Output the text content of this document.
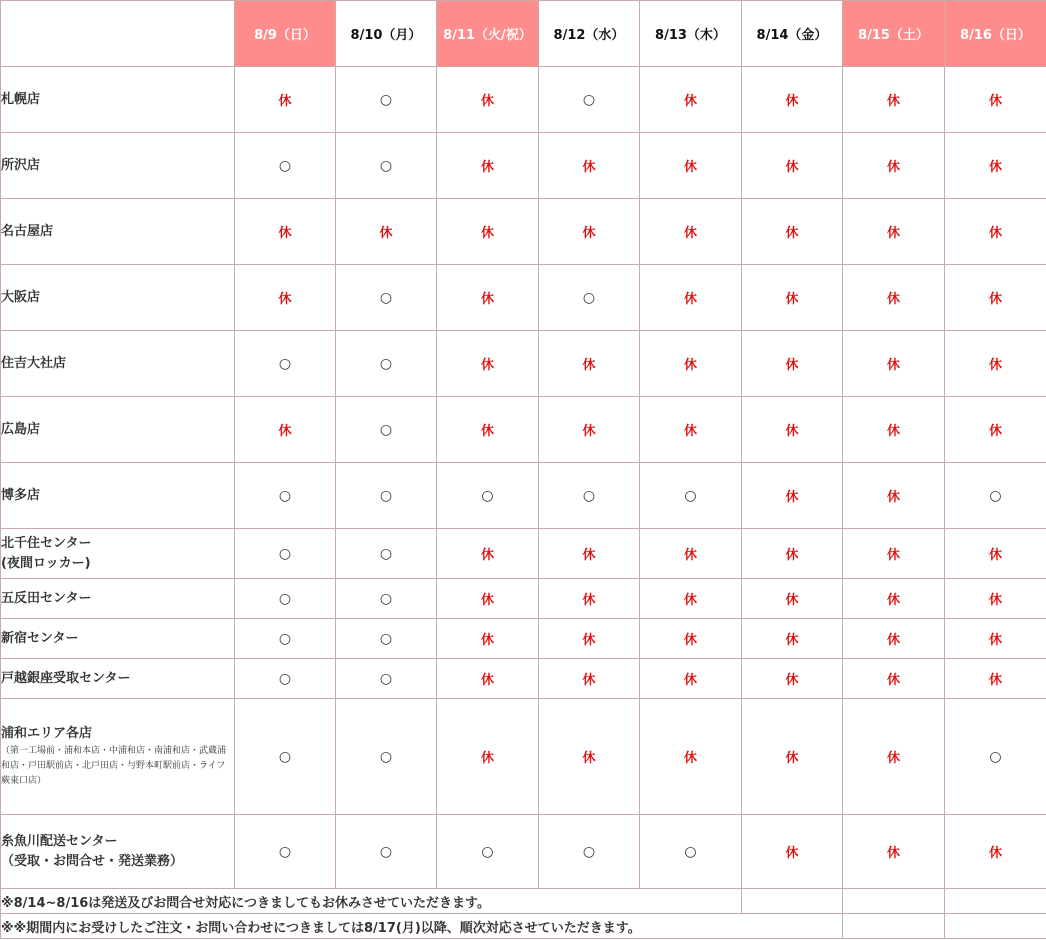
	8/9（日）	8/10（月）	8/11（火/祝）	8/12（水）	8/13（木）	8/14（金）	8/15（土）	8/16（日）

札幌店	休	○	休	○	休	休	休	休

所沢店	○	○	休	休	休	休	休	休

名古屋店	休	休	休	休	休	休	休	休

大阪店	休	○	休	○	休	休	休	休

住吉大社店	○	○	休	休	休	休	休	休

広島店	休	○	休	休	休	休	休	休

博多店	○	○	○	○	○	休	休	○

北千住センター
(夜間ロッカー)	○	○	休	休	休	休	休	休

五反田センター	○	○	休	休	休	休	休	休

新宿センター	○	○	休	休	休	休	休	休

戸越銀座受取センター	○	○	休	休	休	休	休	休

浦和エリア各店
（第一工場前・浦和本店・中浦和店・南浦和店・武蔵浦和店・戸田駅前店・北戸田店・与野本町駅前店・ライフ蕨東口店）	○	○	休	休	休	休	休	○

糸魚川配送センター
（受取・お問合せ・発送業務）	○	○	○	○	○	休	休	休
※8/14~8/16は発送及びお問合せ対応につきましてもお休みさせていただきます。								
※※期間内にお受けしたご注文・お問い合わせにつきましては8/17(月)以降、順次対応させていただきます。								
